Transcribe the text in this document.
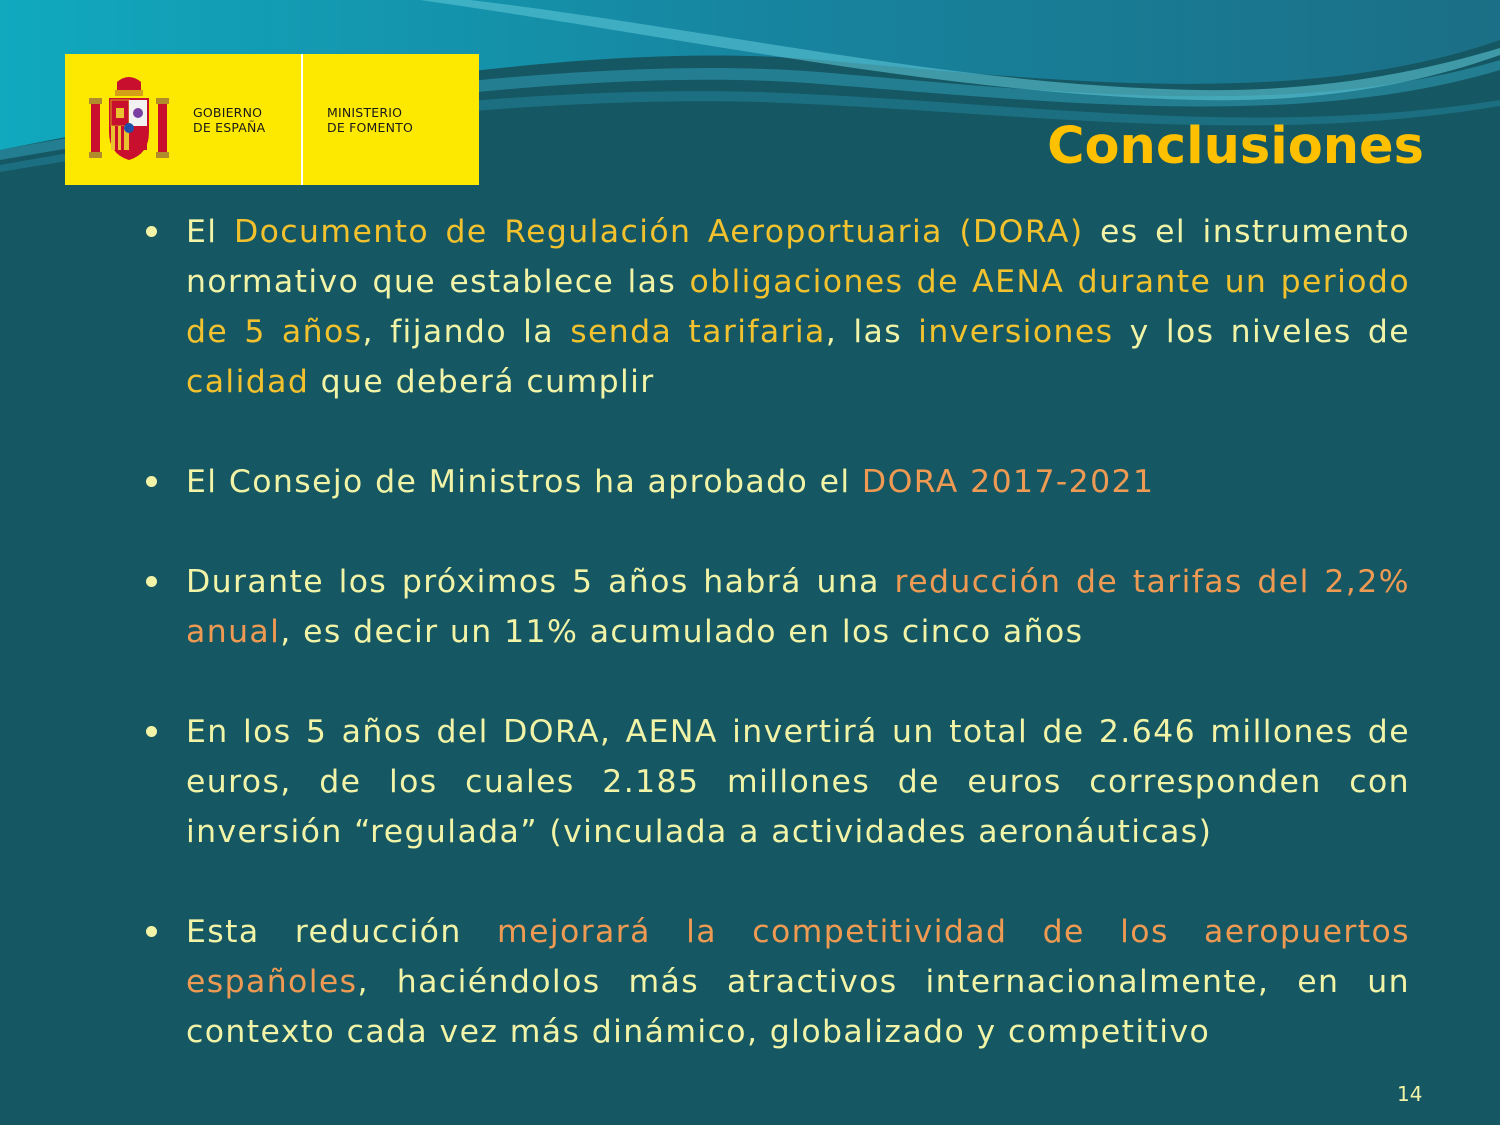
GOBIERNO
DE ESPAÑA
MINISTERIO
DE FOMENTO	Conclusiones
El Documento de Regulación Aeroportuaria (DORA) es el instrumento normativo que establece las obligaciones de AENA durante un periodo de 5 años, fijando la senda tarifaria, las inversiones y los niveles de calidad que deberá cumplir
El Consejo de Ministros ha aprobado el DORA 2017-2021
Durante los próximos 5 años habrá una reducción de tarifas del 2,2% anual, es decir un 11% acumulado en los cinco años
En los 5 años del DORA, AENA invertirá un total de 2.646 millones de euros, de los cuales 2.185 millones de euros corresponden con inversión “regulada” (vinculada a actividades aeronáuticas)
Esta reducción mejorará la competitividad de los aeropuertos españoles, haciéndolos más atractivos internacionalmente, en un contexto cada vez más dinámico, globalizado y competitivo
14
